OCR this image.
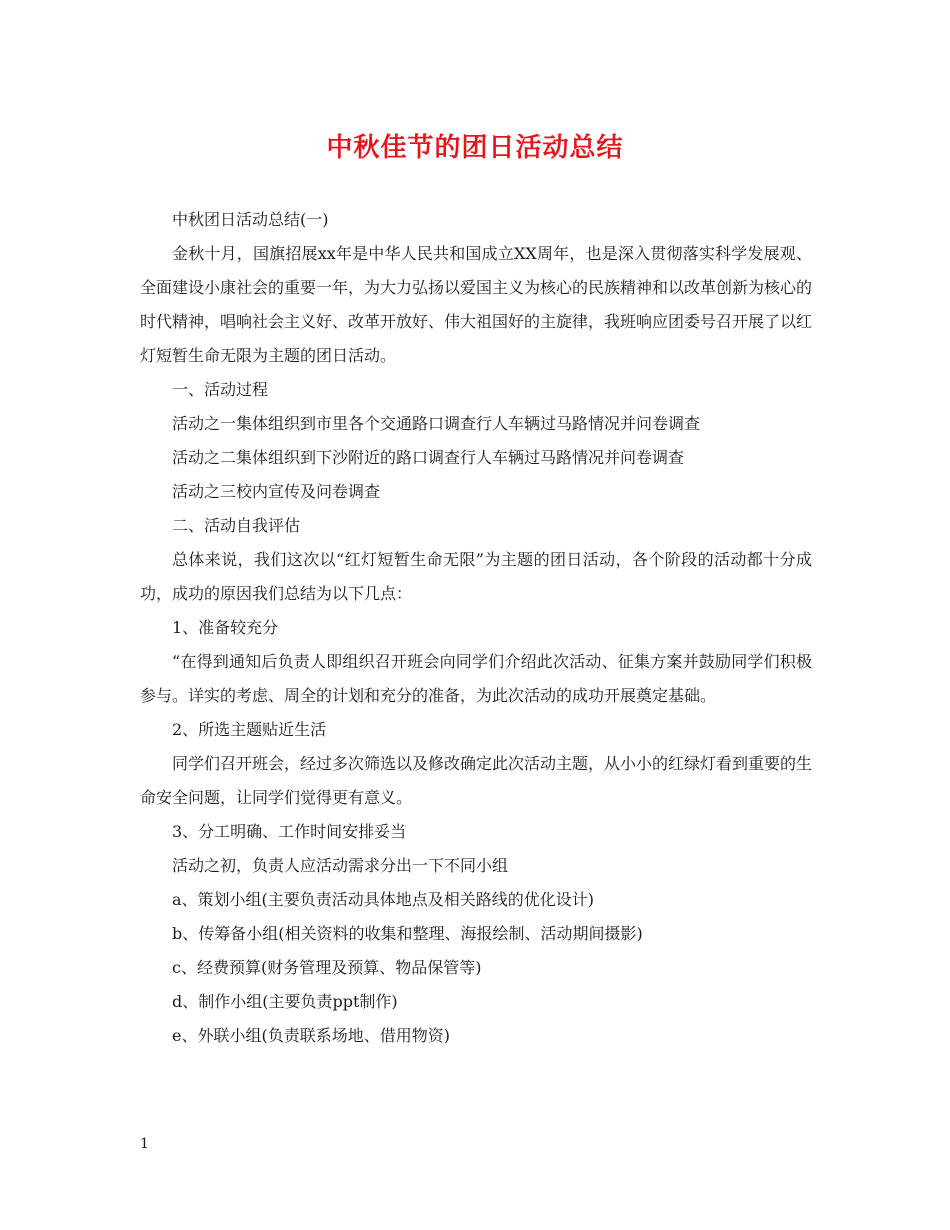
中秋佳节的团日活动总结

中秋团日活动总结(一)

金秋十月，国旗招展xx年是中华人民共和国成立XX周年，也是深入贯彻落实科学发展观、全面建设小康社会的重要一年，为大力弘扬以爱国主义为核心的民族精神和以改革创新为核心的时代精神，唱响社会主义好、改革开放好、伟大祖国好的主旋律，我班响应团委号召开展了以红灯短暂生命无限为主题的团日活动。

一、活动过程

活动之一集体组织到市里各个交通路口调查行人车辆过马路情况并问卷调查

活动之二集体组织到下沙附近的路口调查行人车辆过马路情况并问卷调查

活动之三校内宣传及问卷调查

二、活动自我评估

总体来说，我们这次以“红灯短暂生命无限”为主题的团日活动，各个阶段的活动都十分成功，成功的原因我们总结为以下几点：

1、准备较充分

“在得到通知后负责人即组织召开班会向同学们介绍此次活动、征集方案并鼓励同学们积极参与。详实的考虑、周全的计划和充分的准备，为此次活动的成功开展奠定基础。

2、所选主题贴近生活

同学们召开班会，经过多次筛选以及修改确定此次活动主题，从小小的红绿灯看到重要的生命安全问题，让同学们觉得更有意义。

3、分工明确、工作时间安排妥当

活动之初，负责人应活动需求分出一下不同小组

a、策划小组(主要负责活动具体地点及相关路线的优化设计)

b、传筹备小组(相关资料的收集和整理、海报绘制、活动期间摄影)

c、经费预算(财务管理及预算、物品保管等)

d、制作小组(主要负责ppt制作)

e、外联小组(负责联系场地、借用物资)

1
